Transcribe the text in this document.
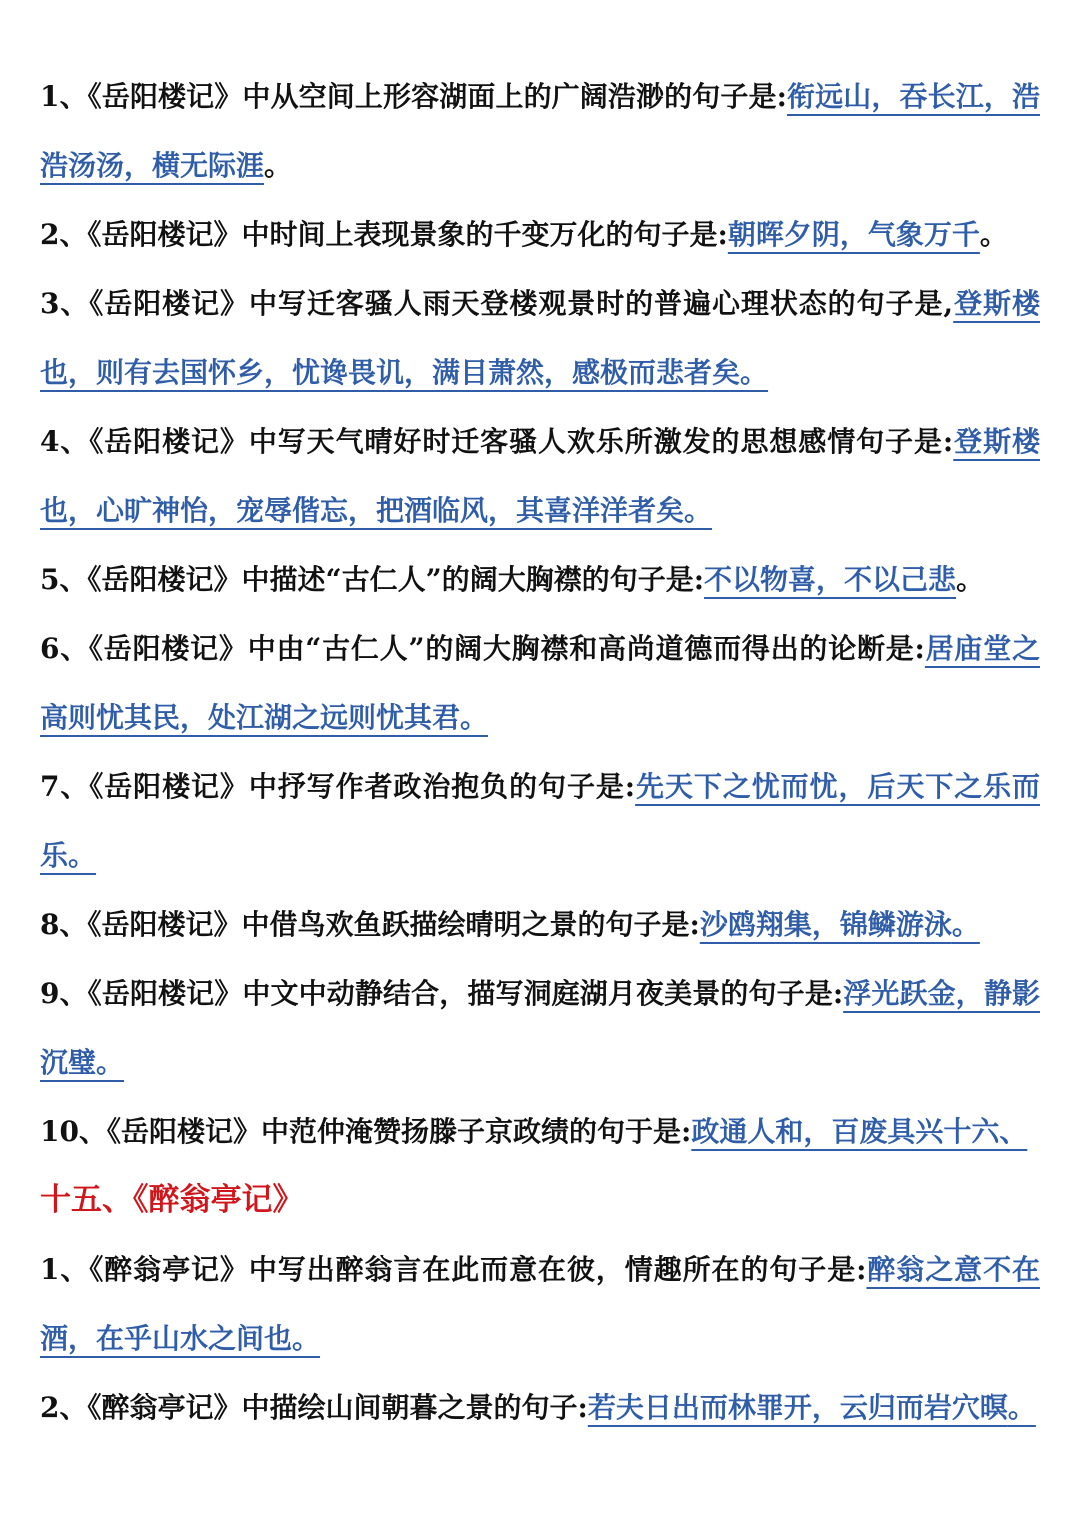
1、《岳阳楼记》中从空间上形容湖面上的广阔浩渺的句子是:衔远山，吞长江，浩浩汤汤，横无际涯。

2、《岳阳楼记》中时间上表现景象的千变万化的句子是:朝晖夕阴，气象万千。

3、《岳阳楼记》中写迁客骚人雨天登楼观景时的普遍心理状态的句子是,登斯楼也，则有去国怀乡，忧谗畏讥，满目萧然，感极而悲者矣。

4、《岳阳楼记》中写天气晴好时迁客骚人欢乐所激发的思想感情句子是:登斯楼也，心旷神怡，宠辱偕忘，把酒临风，其喜洋洋者矣。

5、《岳阳楼记》中描述“古仁人”的阔大胸襟的句子是:不以物喜，不以己悲。

6、《岳阳楼记》中由“古仁人”的阔大胸襟和高尚道德而得出的论断是:居庙堂之高则忧其民，处江湖之远则忧其君。

7、《岳阳楼记》中抒写作者政治抱负的句子是:先天下之忧而忧，后天下之乐而乐。

8、《岳阳楼记》中借鸟欢鱼跃描绘晴明之景的句子是:沙鸥翔集，锦鳞游泳。

9、《岳阳楼记》中文中动静结合，描写洞庭湖月夜美景的句子是:浮光跃金，静影沉璧。

10、《岳阳楼记》中范仲淹赞扬滕子京政绩的句于是:政通人和，百废具兴十六、

十五、《醉翁亭记》

1、《醉翁亭记》中写出醉翁言在此而意在彼，情趣所在的句子是:醉翁之意不在酒，在乎山水之间也。

2、《醉翁亭记》中描绘山间朝暮之景的句子:若夫日出而林罪开，云归而岩穴暝。
